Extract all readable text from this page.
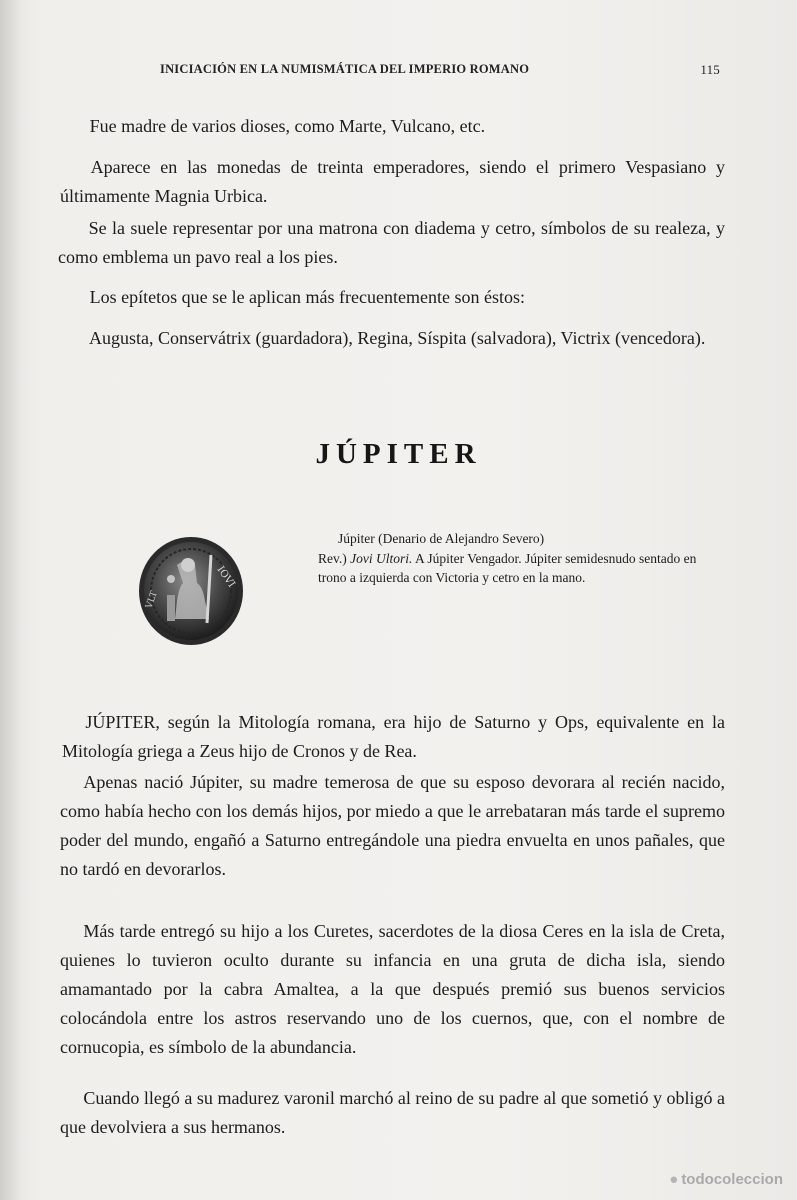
INICIACIÓN EN LA NUMISMÁTICA DEL IMPERIO ROMANO	115

Fue madre de varios dioses, como Marte, Vulcano, etc.

Aparece en las monedas de treinta emperadores, siendo el primero Vespasiano y últimamente Magnia Urbica.

Se la suele representar por una matrona con diadema y cetro, símbolos de su realeza, y como emblema un pavo real a los pies.

Los epítetos que se le aplican más frecuentemente son éstos:

Augusta, Conservátrix (guardadora), Regina, Síspita (salvadora), Victrix (vencedora).

JÚPITER
IOVI
VLT
Júpiter (Denario de Alejandro Severo)
Rev.) Jovi Ultori. A Júpiter Vengador. Júpiter semidesnudo sentado en trono a izquierda con Victoria y cetro en la mano.

JÚPITER, según la Mitología romana, era hijo de Saturno y Ops, equivalente en la Mitología griega a Zeus hijo de Cronos y de Rea.

Apenas nació Júpiter, su madre temerosa de que su esposo devorara al recién nacido, como había hecho con los demás hijos, por miedo a que le arrebataran más tarde el supremo poder del mundo, engañó a Saturno entregándole una piedra envuelta en unos pañales, que no tardó en devorarlos.

Más tarde entregó su hijo a los Curetes, sacerdotes de la diosa Ceres en la isla de Creta, quienes lo tuvieron oculto durante su infancia en una gruta de dicha isla, siendo amamantado por la cabra Amaltea, a la que después premió sus buenos servicios colocándola entre los astros reservando uno de los cuernos, que, con el nombre de cornucopia, es símbolo de la abundancia.

Cuando llegó a su madurez varonil marchó al reino de su padre al que sometió y obligó a que devolviera a sus hermanos.

● todocoleccion
